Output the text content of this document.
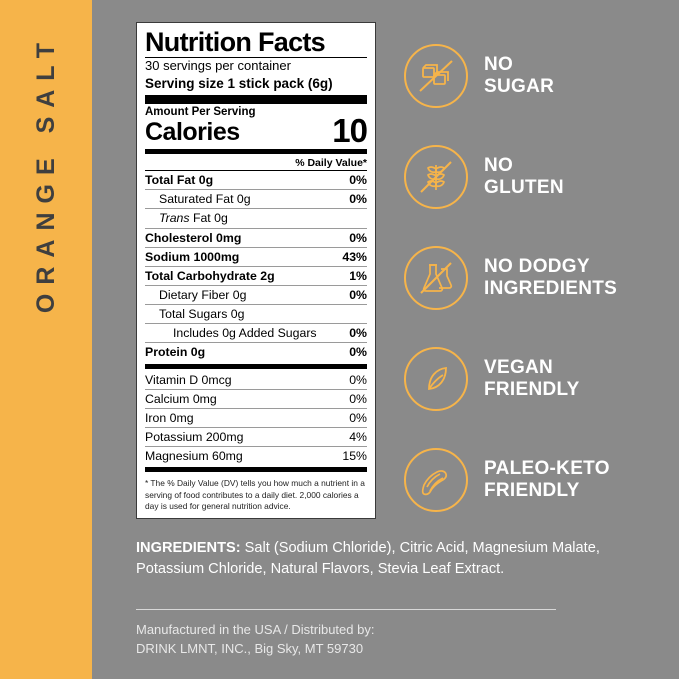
ORANGE SALT	Nutrition Facts
30 servings per container
Serving size 1 stick pack (6g)
Amount Per Serving
Calories	10
% Daily Value*
Total Fat 0g	0%
Saturated Fat 0g	0%
Trans Fat 0g
Cholesterol 0mg	0%
Sodium 1000mg	43%
Total Carbohydrate 2g	1%
Dietary Fiber 0g	0%
Total Sugars 0g
Includes 0g Added Sugars	0%
Protein 0g	0%
Vitamin D 0mcg	0%
Calcium 0mg	0%
Iron 0mg	0%
Potassium 200mg	4%
Magnesium 60mg	15%
* The % Daily Value (DV) tells you how much a nutrient in a serving of food contributes to a daily diet. 2,000 calories a day is used for general nutrition advice.
NO
SUGAR
NO
GLUTEN
NO DODGY
INGREDIENTS
VEGAN
FRIENDLY
PALEO-KETO
FRIENDLY
INGREDIENTS: Salt (Sodium Chloride), Citric Acid, Magnesium Malate, Potassium Chloride, Natural Flavors, Stevia Leaf Extract.
Manufactured in the USA / Distributed by:
DRINK LMNT, INC., Big Sky, MT 59730
